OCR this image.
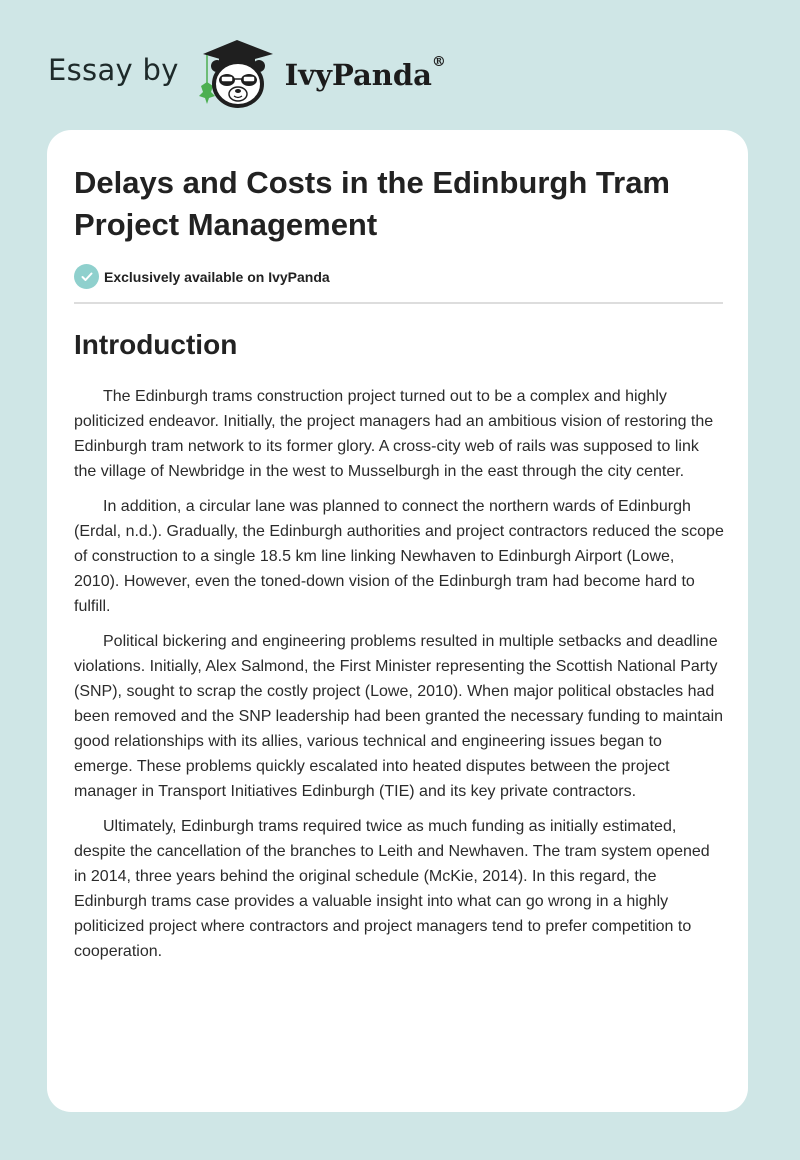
Essay by	IvyPanda®
Delays and Costs in the Edinburgh Tram Project Management
Exclusively available on IvyPanda
Introduction

The Edinburgh trams construction project turned out to be a complex and highly politicized endeavor. Initially, the project managers had an ambitious vision of restoring the Edinburgh tram network to its former glory. A cross-city web of rails was supposed to link the village of Newbridge in the west to Musselburgh in the east through the city center.

In addition, a circular lane was planned to connect the northern wards of Edinburgh (Erdal, n.d.). Gradually, the Edinburgh authorities and project contractors reduced the scope of construction to a single 18.5 km line linking Newhaven to Edinburgh Airport (Lowe, 2010). However, even the toned-down vision of the Edinburgh tram had become hard to fulfill.

Political bickering and engineering problems resulted in multiple setbacks and deadline violations. Initially, Alex Salmond, the First Minister representing the Scottish National Party (SNP), sought to scrap the costly project (Lowe, 2010). When major political obstacles had been removed and the SNP leadership had been granted the necessary funding to maintain good relationships with its allies, various technical and engineering issues began to emerge. These problems quickly escalated into heated disputes between the project manager in Transport Initiatives Edinburgh (TIE) and its key private contractors.

Ultimately, Edinburgh trams required twice as much funding as initially estimated, despite the cancellation of the branches to Leith and Newhaven. The tram system opened in 2014, three years behind the original schedule (McKie, 2014). In this regard, the Edinburgh trams case provides a valuable insight into what can go wrong in a highly politicized project where contractors and project managers tend to prefer competition to cooperation.
